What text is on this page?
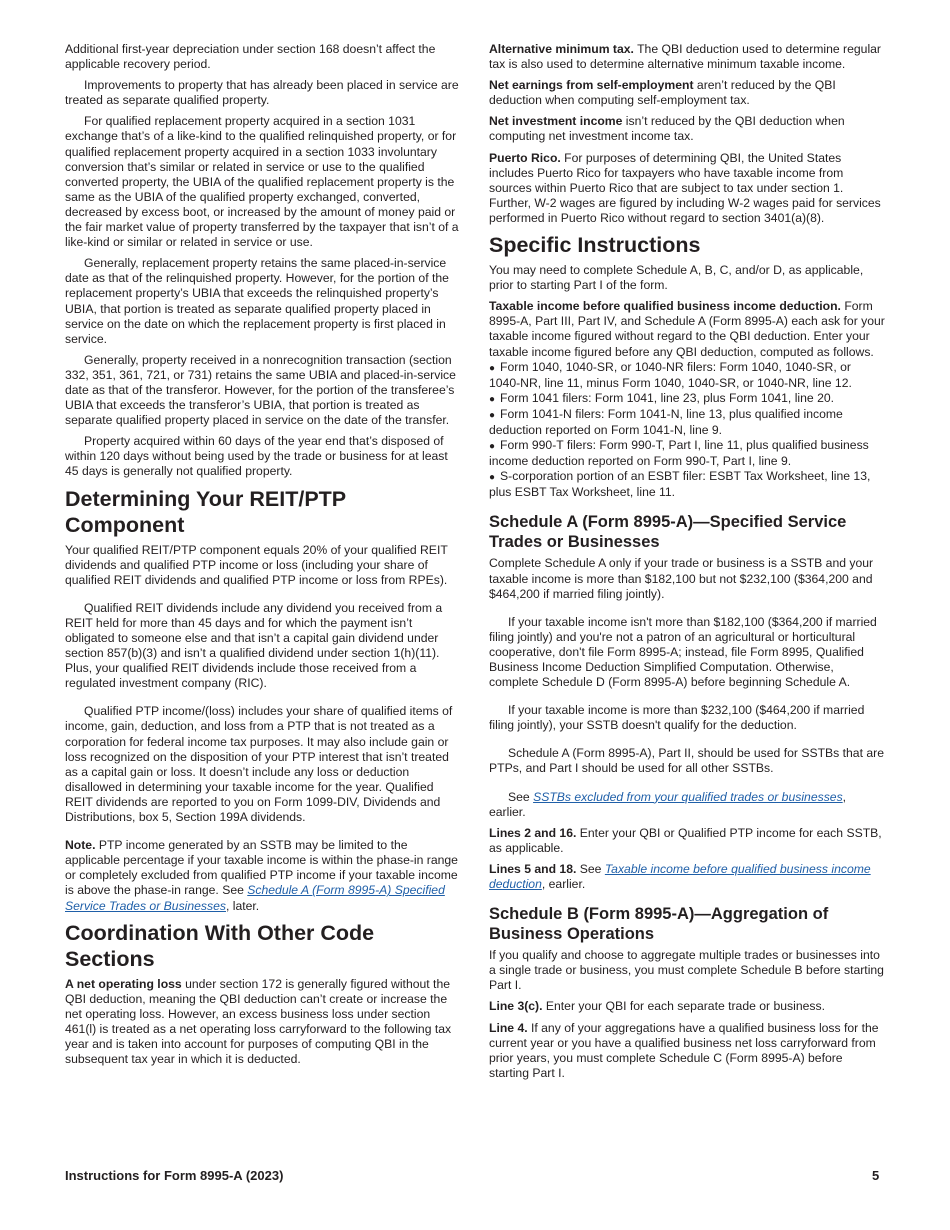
Additional first-year depreciation under section 168 doesn’t affect the applicable recovery period.

Improvements to property that has already been placed in service are treated as separate qualified property.

For qualified replacement property acquired in a section 1031 exchange that’s of a like-kind to the qualified relinquished property, or for qualified replacement property acquired in a section 1033 involuntary conversion that’s similar or related in service or use to the qualified converted property, the UBIA of the qualified replacement property is the same as the UBIA of the qualified property exchanged, converted, decreased by excess boot, or increased by the amount of money paid or the fair market value of property transferred by the taxpayer that isn’t of a like-kind or similar or related in service or use.

Generally, replacement property retains the same placed-in-service date as that of the relinquished property. However, for the portion of the replacement property’s UBIA that exceeds the relinquished property’s UBIA, that portion is treated as separate qualified property placed in service on the date on which the replacement property is first placed in service.

Generally, property received in a nonrecognition transaction (section 332, 351, 361, 721, or 731) retains the same UBIA and placed-in-service date as that of the transferor. However, for the portion of the transferee’s UBIA that exceeds the transferor’s UBIA, that portion is treated as separate qualified property placed in service on the date of the transfer.

Property acquired within 60 days of the year end that’s disposed of within 120 days without being used by the trade or business for at least 45 days is generally not qualified property.

Determining Your REIT/PTP Component

Your qualified REIT/PTP component equals 20% of your qualified REIT dividends and qualified PTP income or loss (including your share of qualified REIT dividends and qualified PTP income or loss from RPEs).

Qualified REIT dividends include any dividend you received from a REIT held for more than 45 days and for which the payment isn’t obligated to someone else and that isn’t a capital gain dividend under section 857(b)(3) and isn’t a qualified dividend under section 1(h)(11). Plus, your qualified REIT dividends include those received from a regulated investment company (RIC).

Qualified PTP income/(loss) includes your share of qualified items of income, gain, deduction, and loss from a PTP that is not treated as a corporation for federal income tax purposes. It may also include gain or loss recognized on the disposition of your PTP interest that isn’t treated as a capital gain or loss. It doesn’t include any loss or deduction disallowed in determining your taxable income for the year. Qualified REIT dividends are reported to you on Form 1099-DIV, Dividends and Distributions, box 5, Section 199A dividends.

Note. PTP income generated by an SSTB may be limited to the applicable percentage if your taxable income is within the phase-in range or completely excluded from qualified PTP income if your taxable income is above the phase-in range. See Schedule A (Form 8995-A) Specified Service Trades or Businesses, later.

Coordination With Other Code Sections

A net operating loss under section 172 is generally figured without the QBI deduction, meaning the QBI deduction can’t create or increase the net operating loss. However, an excess business loss under section 461(l) is treated as a net operating loss carryforward to the following tax year and is taken into account for purposes of computing QBI in the subsequent tax year in which it is deducted.

Alternative minimum tax. The QBI deduction used to determine regular tax is also used to determine alternative minimum taxable income.

Net earnings from self-employment aren’t reduced by the QBI deduction when computing self-employment tax.

Net investment income isn’t reduced by the QBI deduction when computing net investment income tax.

Puerto Rico. For purposes of determining QBI, the United States includes Puerto Rico for taxpayers who have taxable income from sources within Puerto Rico that are subject to tax under section 1. Further, W-2 wages are figured by including W-2 wages paid for services performed in Puerto Rico without regard to section 3401(a)(8).

Specific Instructions

You may need to complete Schedule A, B, C, and/or D, as applicable, prior to starting Part I of the form.

Taxable income before qualified business income deduction. Form 8995-A, Part III, Part IV, and Schedule A (Form 8995-A) each ask for your taxable income figured without regard to the QBI deduction. Enter your taxable income figured before any QBI deduction, computed as follows.

● Form 1040, 1040-SR, or 1040-NR filers: Form 1040, 1040-SR, or 1040-NR, line 11, minus Form 1040, 1040-SR, or 1040-NR, line 12.

● Form 1041 filers: Form 1041, line 23, plus Form 1041, line 20.

● Form 1041-N filers: Form 1041-N, line 13, plus qualified income deduction reported on Form 1041-N, line 9.

● Form 990-T filers: Form 990-T, Part I, line 11, plus qualified business income deduction reported on Form 990-T, Part I, line 9.

● S-corporation portion of an ESBT filer: ESBT Tax Worksheet, line 13, plus ESBT Tax Worksheet, line 11.

Schedule A (Form 8995-A)—Specified Service Trades or Businesses

Complete Schedule A only if your trade or business is a SSTB and your taxable income is more than $182,100 but not $232,100 ($364,200 and $464,200 if married filing jointly).

If your taxable income isn't more than $182,100 ($364,200 if married filing jointly) and you're not a patron of an agricultural or horticultural cooperative, don't file Form 8995-A; instead, file Form 8995, Qualified Business Income Deduction Simplified Computation. Otherwise, complete Schedule D (Form 8995-A) before beginning Schedule A.

If your taxable income is more than $232,100 ($464,200 if married filing jointly), your SSTB doesn't qualify for the deduction.

Schedule A (Form 8995-A), Part II, should be used for SSTBs that are PTPs, and Part I should be used for all other SSTBs.

See SSTBs excluded from your qualified trades or businesses, earlier.

Lines 2 and 16. Enter your QBI or Qualified PTP income for each SSTB, as applicable.

Lines 5 and 18. See Taxable income before qualified business income deduction, earlier.

Schedule B (Form 8995-A)—Aggregation of Business Operations

If you qualify and choose to aggregate multiple trades or businesses into a single trade or business, you must complete Schedule B before starting Part I.

Line 3(c). Enter your QBI for each separate trade or business.

Line 4. If any of your aggregations have a qualified business loss for the current year or you have a qualified business net loss carryforward from prior years, you must complete Schedule C (Form 8995-A) before starting Part I.

Instructions for Form 8995-A (2023)	5
